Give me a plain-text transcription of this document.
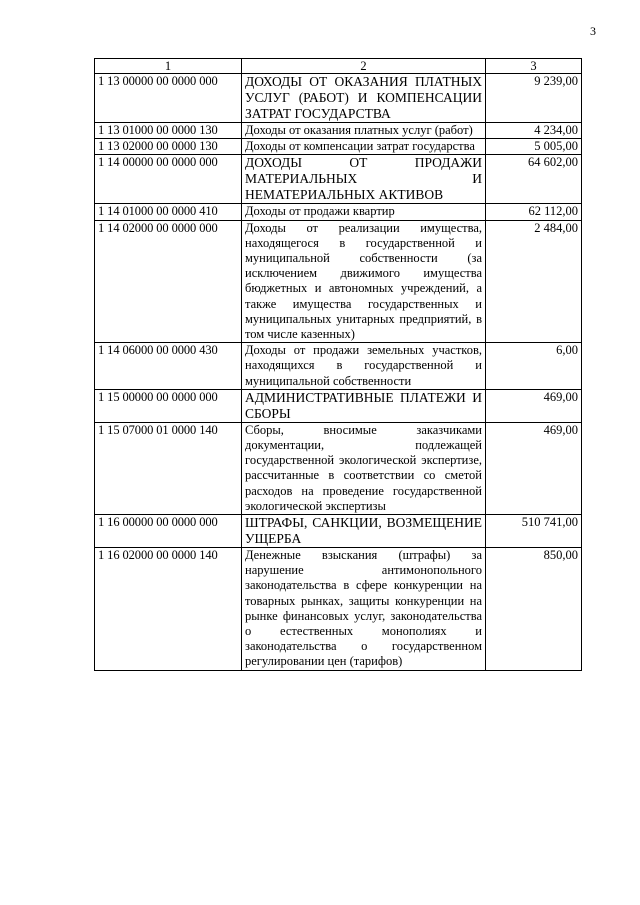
3
1	2	3
1 13 00000 00 0000 000	ДОХОДЫ ОТ ОКАЗАНИЯ ПЛАТНЫХ УСЛУГ (РАБОТ) И КОМПЕНСАЦИИ ЗАТРАТ ГОСУДАРСТВА	9 239,00
1 13 01000 00 0000 130	Доходы от оказания платных услуг (работ)	4 234,00
1 13 02000 00 0000 130	Доходы от компенсации затрат государства	5 005,00
1 14 00000 00 0000 000	ДОХОДЫ ОТ ПРОДАЖИ МАТЕРИАЛЬНЫХ И НЕМАТЕРИАЛЬНЫХ АКТИВОВ	64 602,00
1 14 01000 00 0000 410	Доходы от продажи квартир	62 112,00
1 14 02000 00 0000 000	Доходы от реализации имущества, находящегося в государственной и муниципальной собственности (за исключением движимого имущества бюджетных и автономных учреждений, а также имущества государственных и муниципальных унитарных предприятий, в том числе казенных)	2 484,00
1 14 06000 00 0000 430	Доходы от продажи земельных участков, находящихся в государственной и муниципальной собственности	6,00
1 15 00000 00 0000 000	АДМИНИСТРАТИВНЫЕ ПЛАТЕЖИ И СБОРЫ	469,00
1 15 07000 01 0000 140	Сборы, вносимые заказчиками документации, подлежащей государственной экологической экспертизе, рассчитанные в соответствии со сметой расходов на проведение государственной экологической экспертизы	469,00
1 16 00000 00 0000 000	ШТРАФЫ, САНКЦИИ, ВОЗМЕЩЕНИЕ УЩЕРБА	510 741,00
1 16 02000 00 0000 140	Денежные взыскания (штрафы) за нарушение антимонопольного законодательства в сфере конкуренции на товарных рынках, защиты конкуренции на рынке финансовых услуг, законодательства о естественных монополиях и законодательства о государственном регулировании цен (тарифов)	850,00
